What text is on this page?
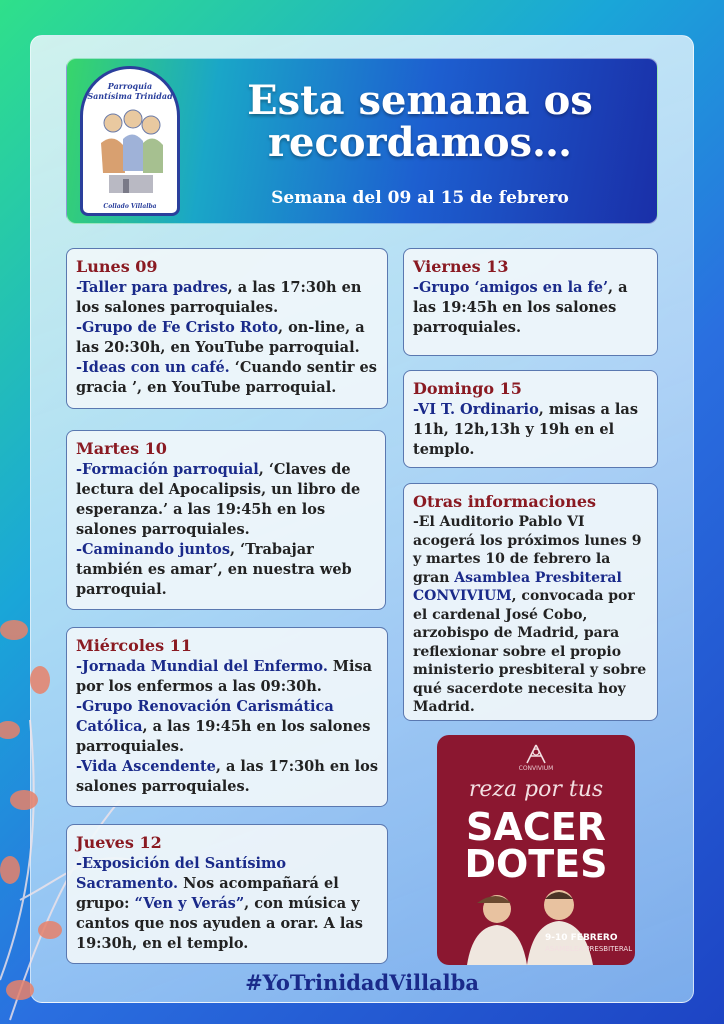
Parroquia
Santísima Trinidad
Collado Villalba
Esta semana os
recordamos…
Semana del 09 al 15 de febrero
Lunes 09
-Taller para padres, a las 17:30h en los salones parroquiales.
-Grupo de Fe Cristo Roto, on-line, a las 20:30h, en YouTube parroquial.
-Ideas con un café. ‘Cuando sentir es gracia ’, en YouTube parroquial.
Martes 10
-Formación parroquial, ‘Claves de lectura del Apocalipsis, un libro de esperanza.’ a las 19:45h en los salones parroquiales.
-Caminando juntos, ‘Trabajar también es amar’, en nuestra web parroquial.
Miércoles 11
-Jornada Mundial del Enfermo. Misa por los enfermos a las 09:30h.
-Grupo Renovación Carismática Católica, a las 19:45h en los salones parroquiales.
-Vida Ascendente, a las 17:30h en los salones parroquiales.
Jueves 12
-Exposición del Santísimo Sacramento. Nos acompañará el grupo: “Ven y Verás”, con música y cantos que nos ayuden a orar. A las 19:30h, en el templo.
Viernes 13
-Grupo ‘amigos en la fe’, a las 19:45h en los salones parroquiales.
Domingo 15
-VI T. Ordinario, misas a las 11h, 12h,13h y 19h en el templo.
Otras informaciones
-El Auditorio Pablo VI acogerá los próximos lunes 9 y martes 10 de febrero la gran Asamblea Presbiteral CONVIVIUM, convocada por el cardenal José Cobo, arzobispo de Madrid, para reflexionar sobre el propio ministerio presbiteral y sobre qué sacerdote necesita hoy Madrid.
CONVIVIUM
reza por tus
SACER
DOTES
9-10 FEBRERO
ASAMBLEA PRESBITERAL
#YoTrinidadVillalba
